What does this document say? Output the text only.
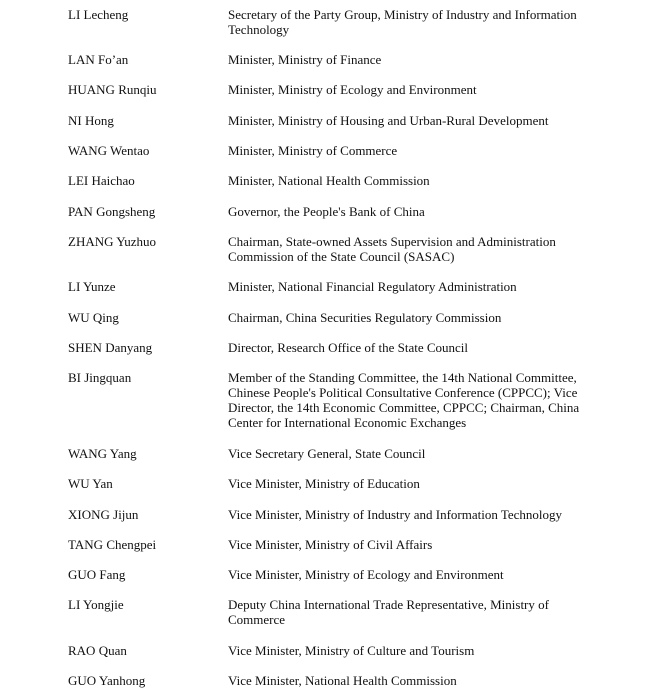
LI Lecheng	Secretary of the Party Group, Ministry of Industry and Information Technology
LAN Fo’an	Minister, Ministry of Finance
HUANG Runqiu	Minister, Ministry of Ecology and Environment
NI Hong	Minister, Ministry of Housing and Urban-Rural Development
WANG Wentao	Minister, Ministry of Commerce
LEI Haichao	Minister, National Health Commission
PAN Gongsheng	Governor, the People's Bank of China
ZHANG Yuzhuo	Chairman, State-owned Assets Supervision and Administration Commission of the State Council (SASAC)
LI Yunze	Minister, National Financial Regulatory Administration
WU Qing	Chairman, China Securities Regulatory Commission
SHEN Danyang	Director, Research Office of the State Council
BI Jingquan	Member of the Standing Committee, the 14th National Committee, Chinese People's Political Consultative Conference (CPPCC); Vice Director, the 14th Economic Committee, CPPCC; Chairman, China Center for International Economic Exchanges
WANG Yang	Vice Secretary General, State Council
WU Yan	Vice Minister, Ministry of Education
XIONG Jijun	Vice Minister, Ministry of Industry and Information Technology
TANG Chengpei	Vice Minister, Ministry of Civil Affairs
GUO Fang	Vice Minister, Ministry of Ecology and Environment
LI Yongjie	Deputy China International Trade Representative, Ministry of Commerce
RAO Quan	Vice Minister, Ministry of Culture and Tourism
GUO Yanhong	Vice Minister, National Health Commission
